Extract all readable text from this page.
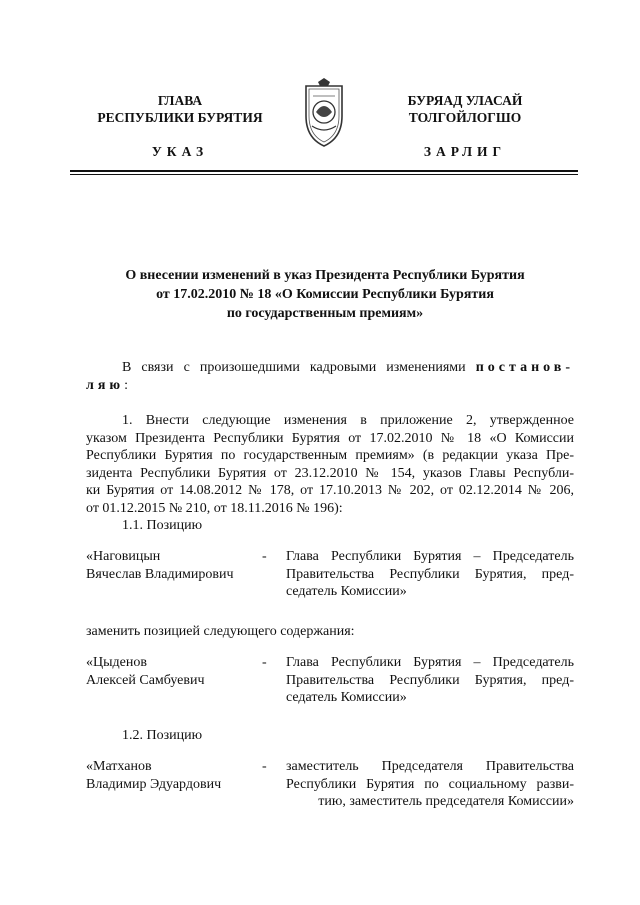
ГЛАВА
РЕСПУБЛИКИ БУРЯТИЯ
УКАЗ
БУРЯАД УЛАСАЙ
ТОЛГОЙЛОГШО
ЗАРЛИГ
О внесении изменений в указ Президента Республики Бурятия
от 17.02.2010 № 18 «О Комиссии Республики Бурятия
по государственным премиям»
В связи с произошедшими кадровыми изменениями постанов-
ляю:
1. Внести следующие изменения в приложение 2, утвержденное
указом Президента Республики Бурятия от 17.02.2010 № 18 «О Комиссии
Республики Бурятия по государственным премиям» (в редакции указа Пре-
зидента Республики Бурятия от 23.12.2010 № 154, указов Главы Республи-
ки Бурятия от 14.08.2012 № 178, от 17.10.2013 № 202, от 02.12.2014 № 206,
от 01.12.2015 № 210, от 18.11.2016 № 196):
1.1. Позицию
«Наговицын
Вячеслав Владимирович
- Глава Республики Бурятия – Председатель
Правительства Республики Бурятия, пред-
седатель Комиссии»
заменить позицией следующего содержания:
«Цыденов
Алексей Самбуевич
- Глава Республики Бурятия – Председатель
Правительства Республики Бурятия, пред-
седатель Комиссии»
1.2. Позицию
«Матханов
Владимир Эдуардович
- заместитель Председателя Правительства
Республики Бурятия по социальному разви-
тию, заместитель председателя Комиссии»
